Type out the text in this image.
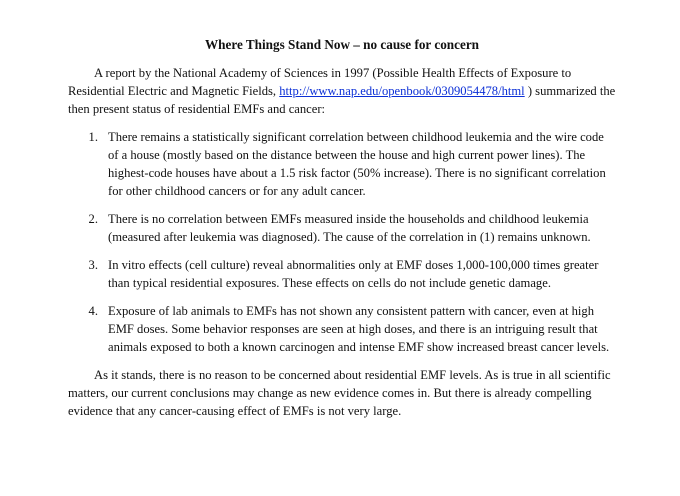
Where Things Stand Now – no cause for concern

A report by the National Academy of Sciences in 1997 (Possible Health Effects of Exposure to Residential Electric and Magnetic Fields, http://www.nap.edu/openbook/0309054478/html ) summarized the then present status of residential EMFs and cancer:

1. There remains a statistically significant correlation between childhood leukemia and the wire code of a house (mostly based on the distance between the house and high current power lines). The highest-code houses have about a 1.5 risk factor (50% increase). There is no significant correlation for other childhood cancers or for any adult cancer.
2. There is no correlation between EMFs measured inside the households and childhood leukemia (measured after leukemia was diagnosed). The cause of the correlation in (1) remains unknown.
3. In vitro effects (cell culture) reveal abnormalities only at EMF doses 1,000-100,000 times greater than typical residential exposures. These effects on cells do not include genetic damage.
4. Exposure of lab animals to EMFs has not shown any consistent pattern with cancer, even at high EMF doses. Some behavior responses are seen at high doses, and there is an intriguing result that animals exposed to both a known carcinogen and intense EMF show increased breast cancer levels.

As it stands, there is no reason to be concerned about residential EMF levels. As is true in all scientific matters, our current conclusions may change as new evidence comes in. But there is already compelling evidence that any cancer-causing effect of EMFs is not very large.
